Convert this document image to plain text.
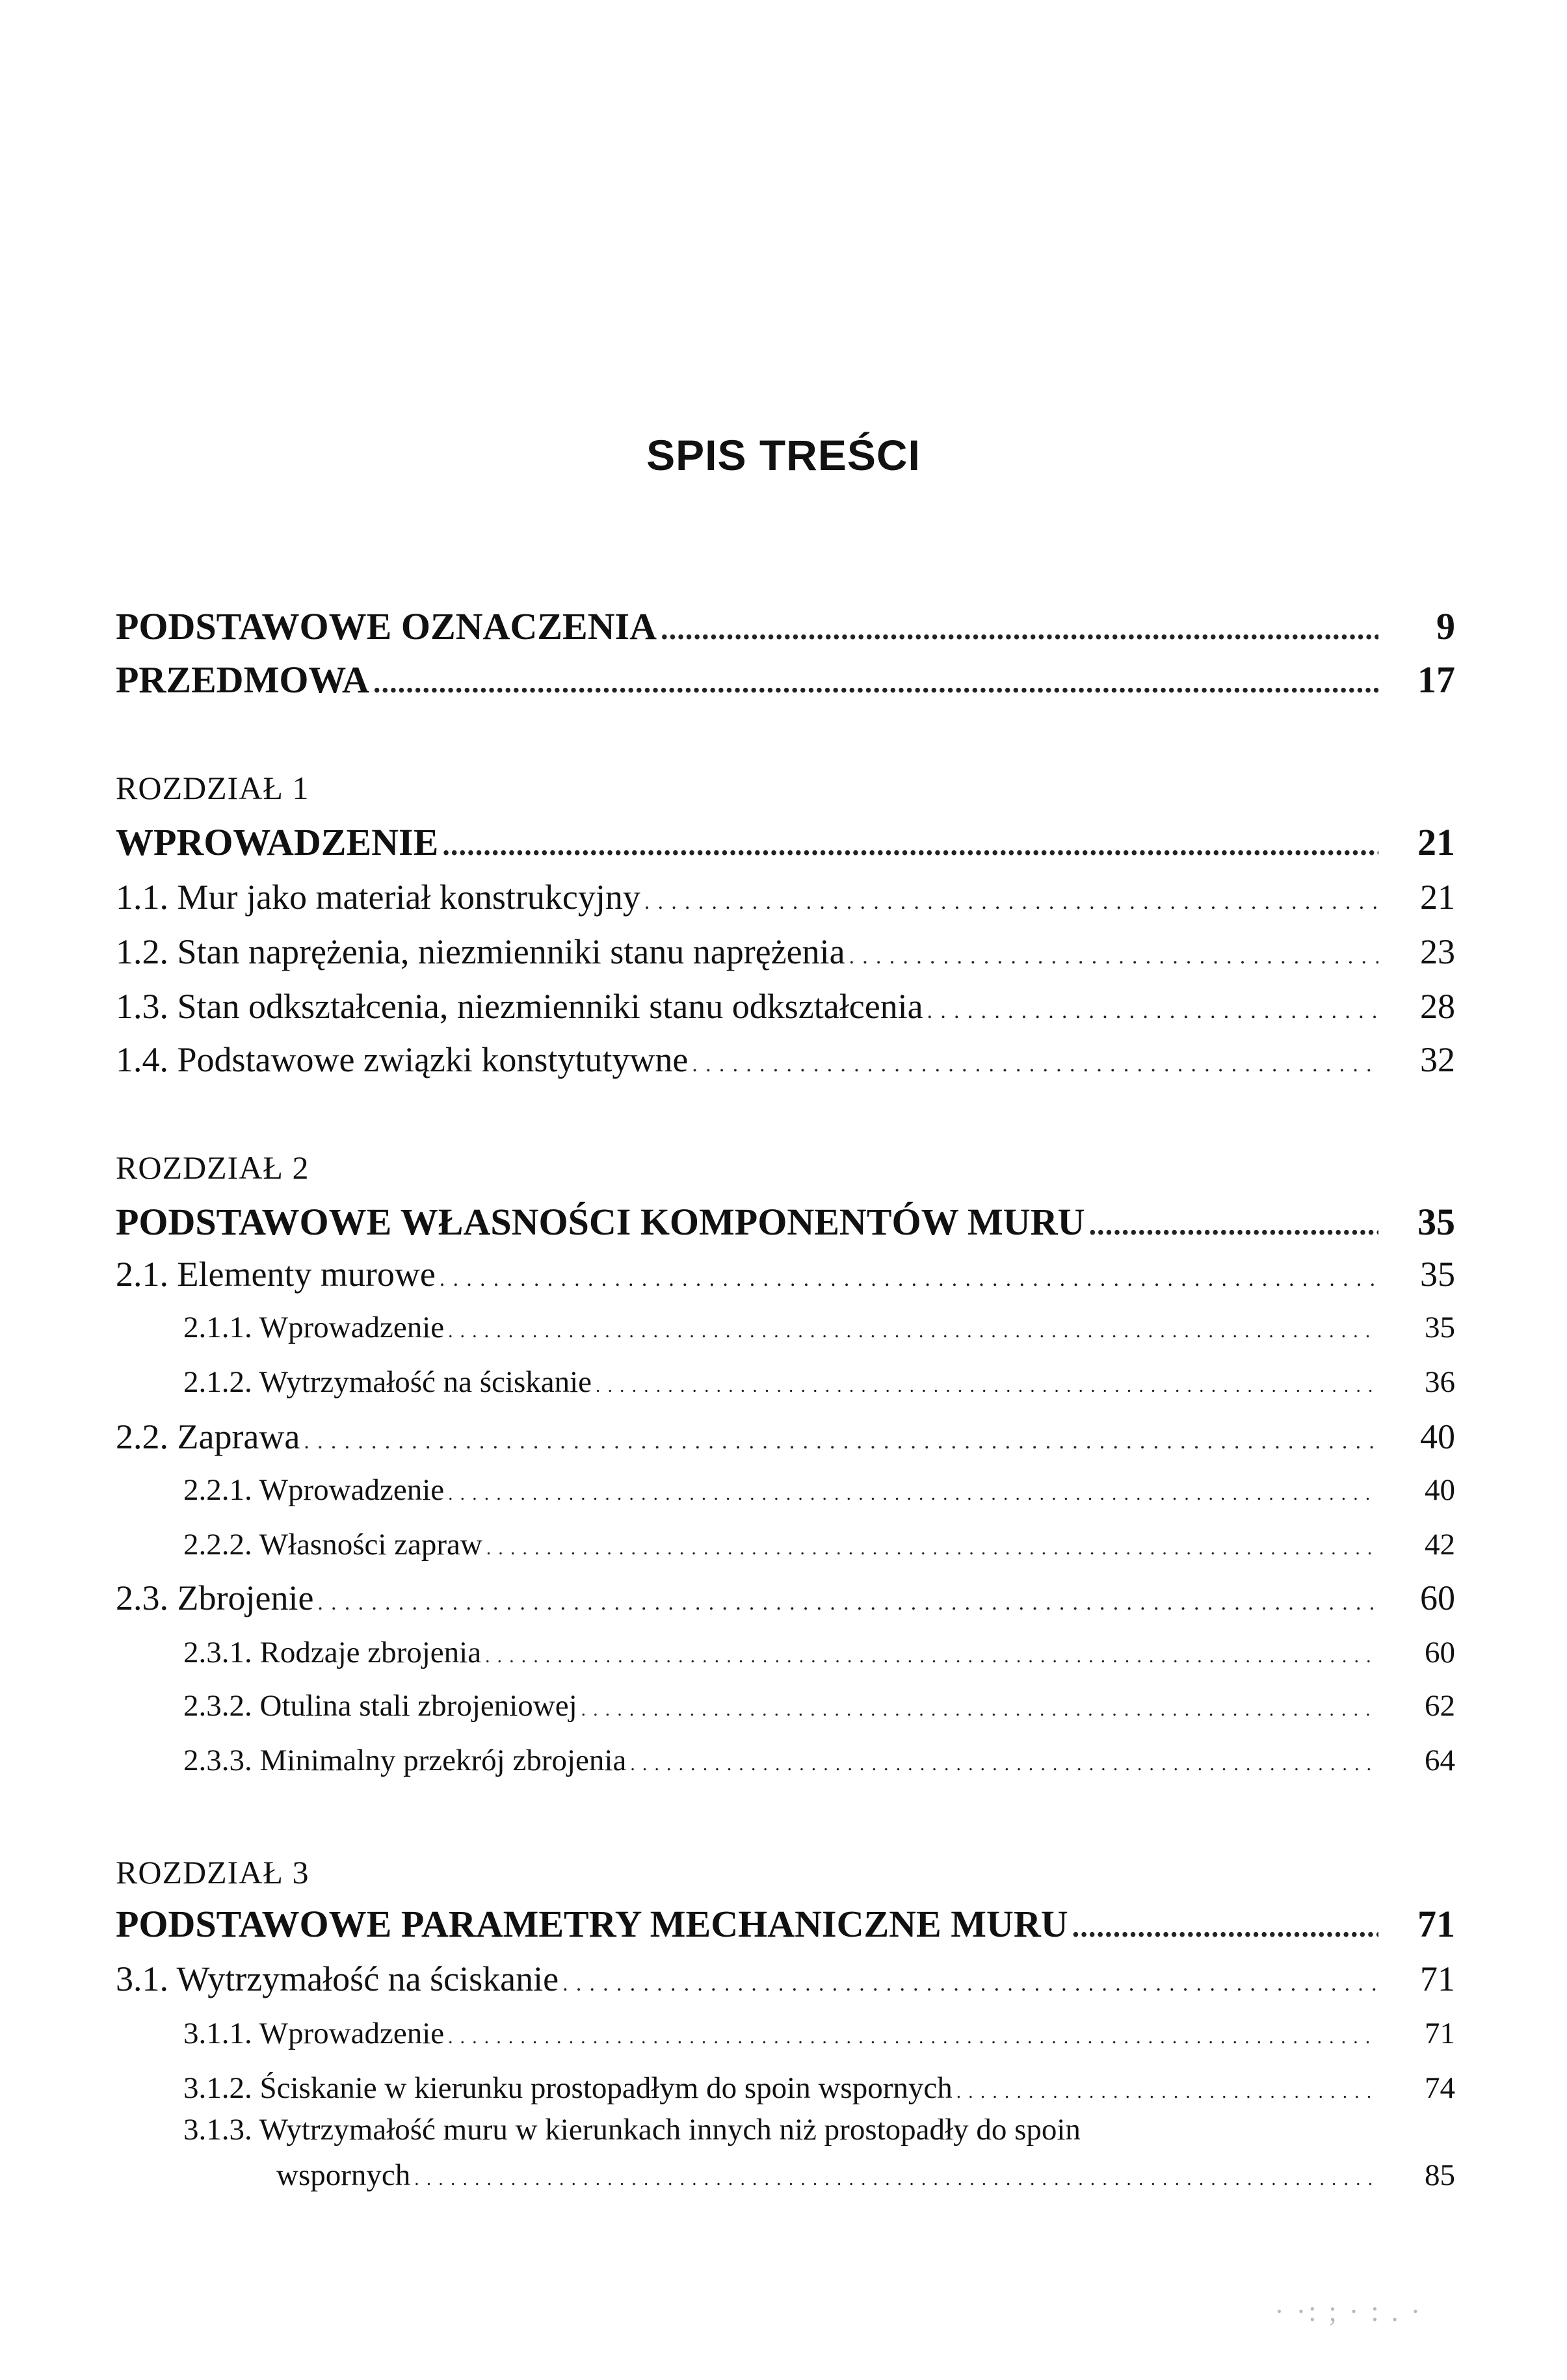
SPIS TREŚCI
PODSTAWOWE OZNACZENIA .....	9
PRZEDMOWA .....	17
ROZDZIAŁ 1
WPROWADZENIE .....	21
1.1. Mur jako materiał konstrukcyjny . . .	21
1.2. Stan naprężenia, niezmienniki stanu naprężenia . . .	23
1.3. Stan odkształcenia, niezmienniki stanu odkształcenia . . .	28
1.4. Podstawowe związki konstytutywne . . .	32
ROZDZIAŁ 2
PODSTAWOWE WŁASNOŚCI KOMPONENTÓW MURU .....	35
2.1. Elementy murowe . . .	35
2.1.1. Wprowadzenie . . .	35
2.1.2. Wytrzymałość na ściskanie . . .	36
2.2. Zaprawa . . .	40
2.2.1. Wprowadzenie . . .	40
2.2.2. Własności zapraw . . .	42
2.3. Zbrojenie . . .	60
2.3.1. Rodzaje zbrojenia . . .	60
2.3.2. Otulina stali zbrojeniowej . . .	62
2.3.3. Minimalny przekrój zbrojenia . . .	64
ROZDZIAŁ 3
PODSTAWOWE PARAMETRY MECHANICZNE MURU .....	71
3.1. Wytrzymałość na ściskanie . . .	71
3.1.1. Wprowadzenie . . .	71
3.1.2. Ściskanie w kierunku prostopadłym do spoin wspornych . . .	74
3.1.3. Wytrzymałość muru w kierunkach innych niż prostopadły do spoin
wspornych . . .	85
· ·: ; · : . ·
